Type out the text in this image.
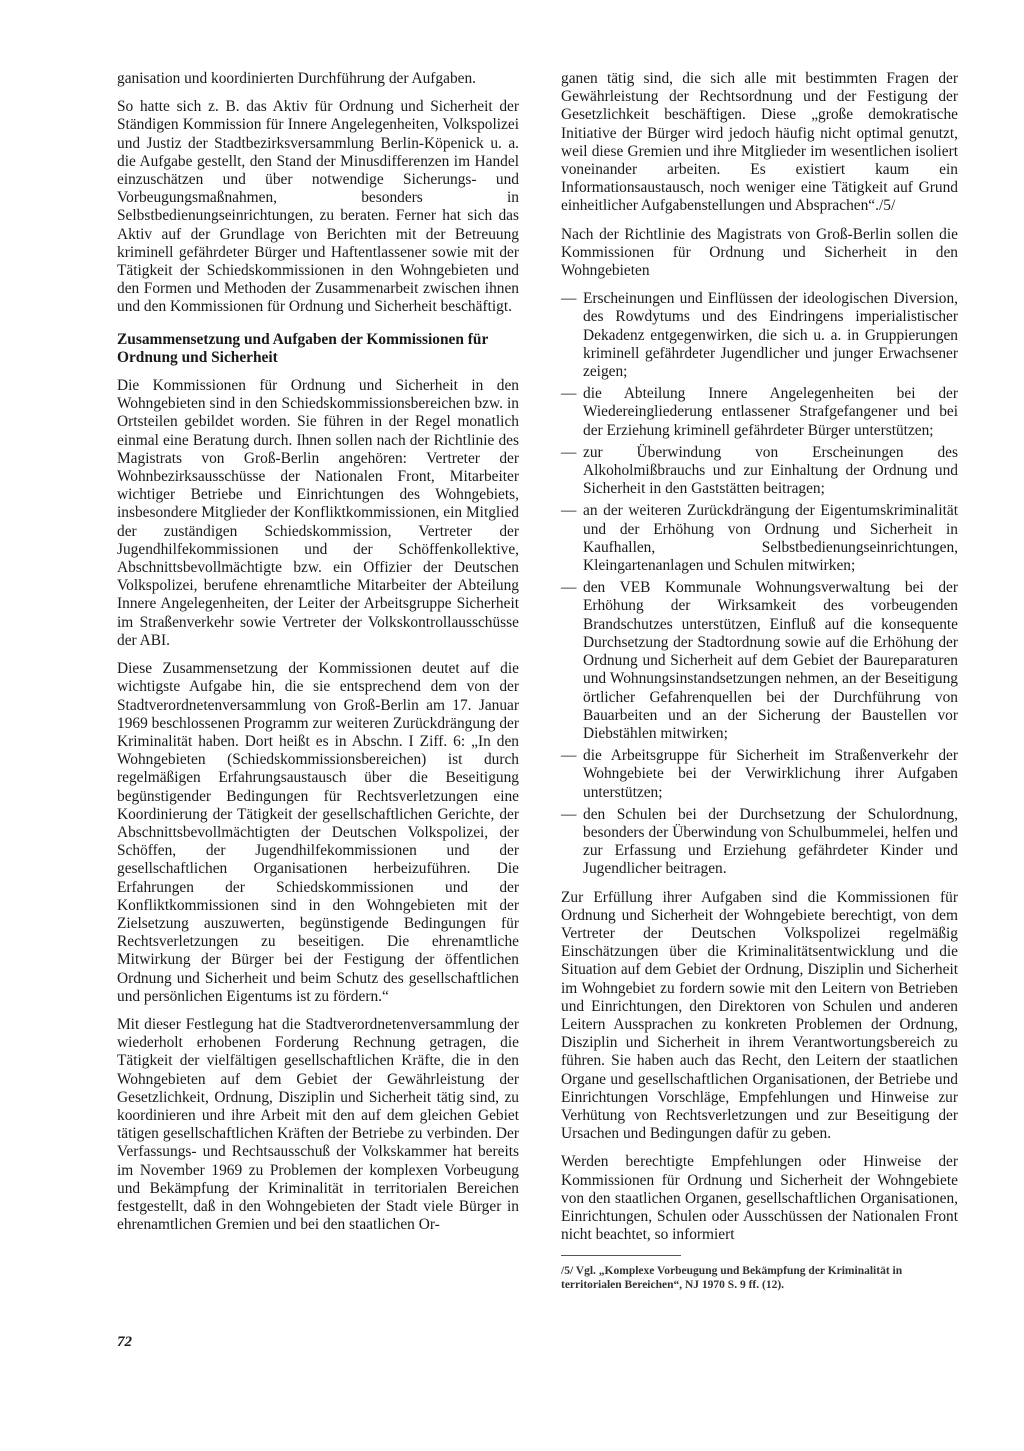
ganisation und koordinierten Durchführung der Aufgaben.

So hatte sich z. B. das Aktiv für Ordnung und Sicherheit der Ständigen Kommission für Innere Angelegenheiten, Volkspolizei und Justiz der Stadtbezirksversammlung Berlin-Köpenick u. a. die Aufgabe gestellt, den Stand der Minusdifferenzen im Handel einzuschätzen und über notwendige Sicherungs- und Vorbeugungsmaßnahmen, besonders in Selbstbedienungseinrichtungen, zu beraten. Ferner hat sich das Aktiv auf der Grundlage von Berichten mit der Betreuung kriminell gefährdeter Bürger und Haftentlassener sowie mit der Tätigkeit der Schiedskommissionen in den Wohngebieten und den Formen und Methoden der Zusammenarbeit zwischen ihnen und den Kommissionen für Ordnung und Sicherheit beschäftigt.

Zusammensetzung und Aufgaben der Kommissionen für Ordnung und Sicherheit

Die Kommissionen für Ordnung und Sicherheit in den Wohngebieten sind in den Schiedskommissionsbereichen bzw. in Ortsteilen gebildet worden. Sie führen in der Regel monatlich einmal eine Beratung durch. Ihnen sollen nach der Richtlinie des Magistrats von Groß-Berlin angehören: Vertreter der Wohnbezirksausschüsse der Nationalen Front, Mitarbeiter wichtiger Betriebe und Einrichtungen des Wohngebiets, insbesondere Mitglieder der Konfliktkommissionen, ein Mitglied der zuständigen Schiedskommission, Vertreter der Jugendhilfekommissionen und der Schöffenkollektive, Abschnittsbevollmächtigte bzw. ein Offizier der Deutschen Volkspolizei, berufene ehrenamtliche Mitarbeiter der Abteilung Innere Angelegenheiten, der Leiter der Arbeitsgruppe Sicherheit im Straßenverkehr sowie Vertreter der Volkskontrollausschüsse der ABI.

Diese Zusammensetzung der Kommissionen deutet auf die wichtigste Aufgabe hin, die sie entsprechend dem von der Stadtverordnetenversammlung von Groß-Berlin am 17. Januar 1969 beschlossenen Programm zur weiteren Zurückdrängung der Kriminalität haben. Dort heißt es in Abschn. I Ziff. 6: „In den Wohngebieten (Schiedskommissionsbereichen) ist durch regelmäßigen Erfahrungsaustausch über die Beseitigung begünstigender Bedingungen für Rechtsverletzungen eine Koordinierung der Tätigkeit der gesellschaftlichen Gerichte, der Abschnittsbevollmächtigten der Deutschen Volkspolizei, der Schöffen, der Jugendhilfekommissionen und der gesellschaftlichen Organisationen herbeizuführen. Die Erfahrungen der Schiedskommissionen und der Konfliktkommissionen sind in den Wohngebieten mit der Zielsetzung auszuwerten, begünstigende Bedingungen für Rechtsverletzungen zu beseitigen. Die ehrenamtliche Mitwirkung der Bürger bei der Festigung der öffentlichen Ordnung und Sicherheit und beim Schutz des gesellschaftlichen und persönlichen Eigentums ist zu fördern.“

Mit dieser Festlegung hat die Stadtverordnetenversammlung der wiederholt erhobenen Forderung Rechnung getragen, die Tätigkeit der vielfältigen gesellschaftlichen Kräfte, die in den Wohngebieten auf dem Gebiet der Gewährleistung der Gesetzlichkeit, Ordnung, Disziplin und Sicherheit tätig sind, zu koordinieren und ihre Arbeit mit den auf dem gleichen Gebiet tätigen gesellschaftlichen Kräften der Betriebe zu verbinden. Der Verfassungs- und Rechtsausschuß der Volkskammer hat bereits im November 1969 zu Problemen der komplexen Vorbeugung und Bekämpfung der Kriminalität in territorialen Bereichen festgestellt, daß in den Wohngebieten der Stadt viele Bürger in ehrenamtlichen Gremien und bei den staatlichen Or-

ganen tätig sind, die sich alle mit bestimmten Fragen der Gewährleistung der Rechtsordnung und der Festigung der Gesetzlichkeit beschäftigen. Diese „große demokratische Initiative der Bürger wird jedoch häufig nicht optimal genutzt, weil diese Gremien und ihre Mitglieder im wesentlichen isoliert voneinander arbeiten. Es existiert kaum ein Informationsaustausch, noch weniger eine Tätigkeit auf Grund einheitlicher Aufgabenstellungen und Absprachen“./5/

Nach der Richtlinie des Magistrats von Groß-Berlin sollen die Kommissionen für Ordnung und Sicherheit in den Wohngebieten

— Erscheinungen und Einflüssen der ideologischen Diversion, des Rowdytums und des Eindringens imperialistischer Dekadenz entgegenwirken, die sich u. a. in Gruppierungen kriminell gefährdeter Jugendlicher und junger Erwachsener zeigen;
— die Abteilung Innere Angelegenheiten bei der Wiedereingliederung entlassener Strafgefangener und bei der Erziehung kriminell gefährdeter Bürger unterstützen;
— zur Überwindung von Erscheinungen des Alkoholmißbrauchs und zur Einhaltung der Ordnung und Sicherheit in den Gaststätten beitragen;
— an der weiteren Zurückdrängung der Eigentumskriminalität und der Erhöhung von Ordnung und Sicherheit in Kaufhallen, Selbstbedienungseinrichtungen, Kleingartenanlagen und Schulen mitwirken;
— den VEB Kommunale Wohnungsverwaltung bei der Erhöhung der Wirksamkeit des vorbeugenden Brandschutzes unterstützen, Einfluß auf die konsequente Durchsetzung der Stadtordnung sowie auf die Erhöhung der Ordnung und Sicherheit auf dem Gebiet der Baureparaturen und Wohnungsinstandsetzungen nehmen, an der Beseitigung örtlicher Gefahrenquellen bei der Durchführung von Bauarbeiten und an der Sicherung der Baustellen vor Diebstählen mitwirken;
— die Arbeitsgruppe für Sicherheit im Straßenverkehr der Wohngebiete bei der Verwirklichung ihrer Aufgaben unterstützen;
— den Schulen bei der Durchsetzung der Schulordnung, besonders der Überwindung von Schulbummelei, helfen und zur Erfassung und Erziehung gefährdeter Kinder und Jugendlicher beitragen.

Zur Erfüllung ihrer Aufgaben sind die Kommissionen für Ordnung und Sicherheit der Wohngebiete berechtigt, von dem Vertreter der Deutschen Volkspolizei regelmäßig Einschätzungen über die Kriminalitätsentwicklung und die Situation auf dem Gebiet der Ordnung, Disziplin und Sicherheit im Wohngebiet zu fordern sowie mit den Leitern von Betrieben und Einrichtungen, den Direktoren von Schulen und anderen Leitern Aussprachen zu konkreten Problemen der Ordnung, Disziplin und Sicherheit in ihrem Verantwortungsbereich zu führen. Sie haben auch das Recht, den Leitern der staatlichen Organe und gesellschaftlichen Organisationen, der Betriebe und Einrichtungen Vorschläge, Empfehlungen und Hinweise zur Verhütung von Rechtsverletzungen und zur Beseitigung der Ursachen und Bedingungen dafür zu geben.

Werden berechtigte Empfehlungen oder Hinweise der Kommissionen für Ordnung und Sicherheit der Wohngebiete von den staatlichen Organen, gesellschaftlichen Organisationen, Einrichtungen, Schulen oder Ausschüssen der Nationalen Front nicht beachtet, so informiert

/5/ Vgl. „Komplexe Vorbeugung und Bekämpfung der Kriminalität in territorialen Bereichen“, NJ 1970 S. 9 ff. (12).
72
